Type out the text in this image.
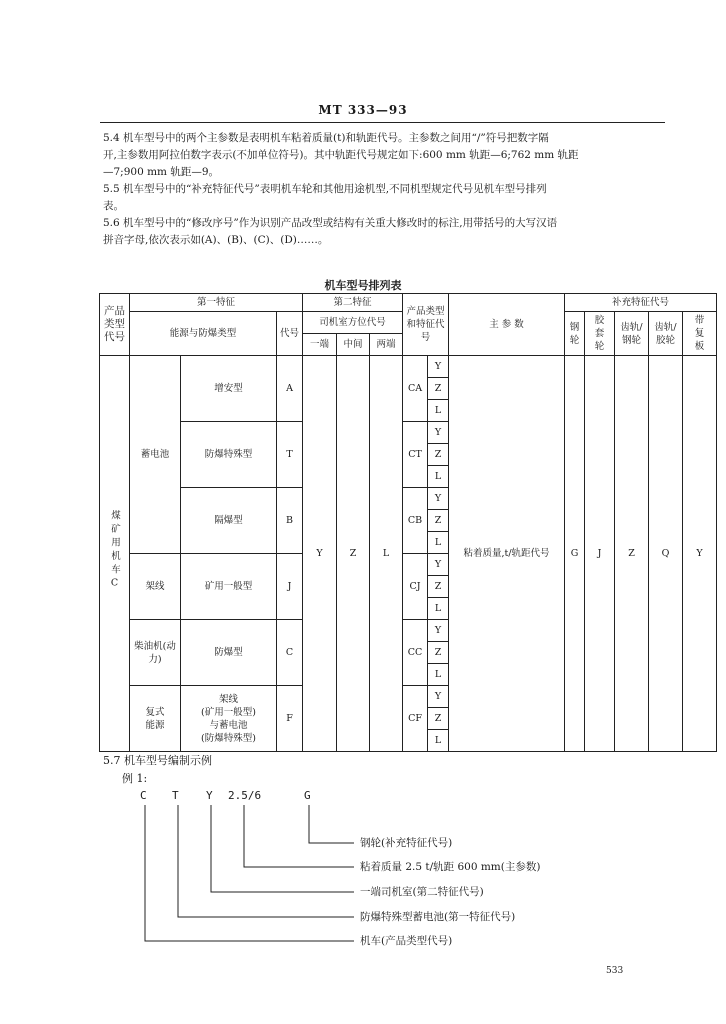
MT 333—93

5.4 机车型号中的两个主参数是表明机车粘着质量(t)和轨距代号。主参数之间用“/”符号把数字隔

开,主参数用阿拉伯数字表示(不加单位符号)。其中轨距代号规定如下:600 mm 轨距—6;762 mm 轨距

—7;900 mm 轨距—9。

5.5 机车型号中的“补充特征代号”表明机车轮和其他用途机型,不同机型规定代号见机车型号排列

表。

5.6 机车型号中的“修改序号”作为识别产品改型或结构有关重大修改时的标注,用带括号的大写汉语

拼音字母,依次表示如(A)、(B)、(C)、(D)……。

机车型号排列表
产品类型代号	第一特征			第二特征			产品类型和特征代号		主 参 数	补充特征代号				
	能源与防爆类型		代号	司机室方位代号						钢轮	胶套轮	齿轨/钢轮	齿轨/胶轮	带复板
				一端	中间	两端								
煤矿用机车C	蓄电池	增安型	A	Y	Z	L	CA	Y	粘着质量,t/轨距代号	G	J	Z	Q	Y
								Z						
								L						
		防爆特殊型	T				CT	Y						
								Z						
								L						
		隔爆型	B				CB	Y						
								Z						
								L						
	架线	矿用一般型	J				CJ	Y						
								Z						
								L						
	柴油机(动力)	防爆型	C				CC	Y						
								Z						
								L						
	复式能源	架线
(矿用一般型)
与蓄电池
(防爆特殊型)	F				CF	Y						
								Z						
								L						
5.7 机车型号编制示例
例 1:
C T Y 2.5/6	G
钢轮(补充特征代号)
粘着质量 2.5 t/轨距 600 mm(主参数)
一端司机室(第二特征代号)
防爆特殊型蓄电池(第一特征代号)
机车(产品类型代号)
533
